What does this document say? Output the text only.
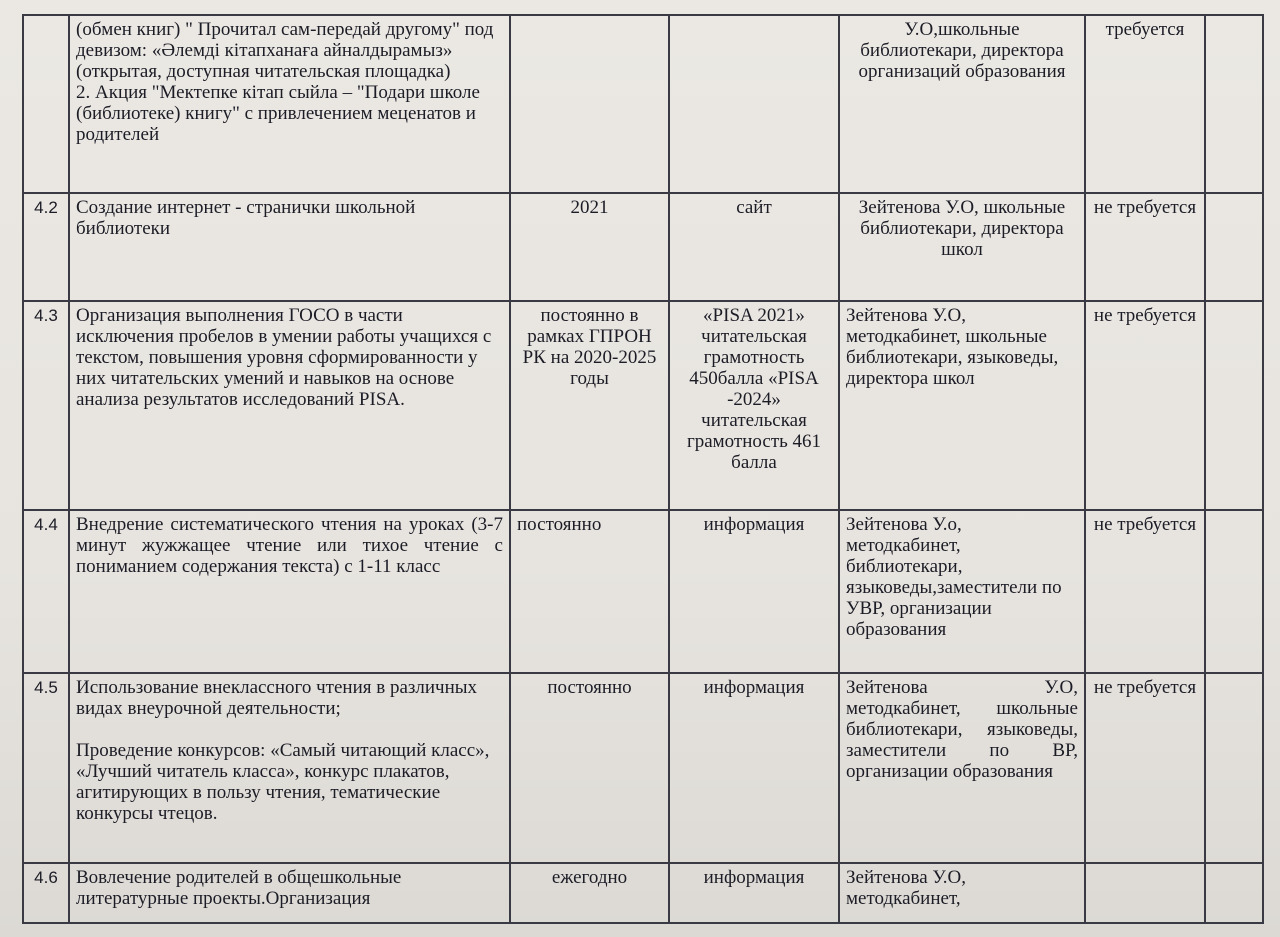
	(обмен книг) " Прочитал сам-передай другому" под девизом: «Әлемді кітапханаға айналдырамыз» (открытая, доступная читательская площадка)

2. Акция "Мектепке кітап сыйла – "Подари школе (библиотеке) книгу" с привлечением меценатов и родителей			У.О,школьные библиотекари, директора организаций образования	требуется	
4.2	Создание интернет - странички школьной библиотеки	2021	сайт	Зейтенова У.О, школьные библиотекари, директора школ	не требуется	
4.3	Организация выполнения ГОСО в части исключения пробелов в умении работы учащихся с текстом, повышения уровня сформированности у них читательских умений и навыков на основе анализа результатов исследований PISA.	постоянно в рамках ГПРОН РК на 2020-2025 годы	«PISA 2021» читательская грамотность 450балла «PISA -2024» читательская грамотность 461 балла	Зейтенова У.О, методкабинет, школьные библиотекари, языковеды, директора школ	не требуется	
4.4	Внедрение систематического чтения на уроках (3-7 минут жужжащее чтение или тихое чтение с пониманием содержания текста) с 1-11 класс	постоянно	информация	Зейтенова У.о, методкабинет, библиотекари, языковеды,заместители по УВР, организации образования	не требуется	
4.5	Использование внеклассного чтения в различных видах внеурочной деятельности;

Проведение конкурсов: «Самый читающий класс», «Лучший читатель класса», конкурс плакатов, агитирующих в пользу чтения, тематические конкурсы чтецов.	постоянно	информация	Зейтенова У.О, методкабинет, школьные библиотекари, языковеды, заместители по ВР, организации образования	не требуется	
4.6	Вовлечение родителей в общешкольные литературные проекты.Организация	ежегодно	информация	Зейтенова У.О, методкабинет,		
